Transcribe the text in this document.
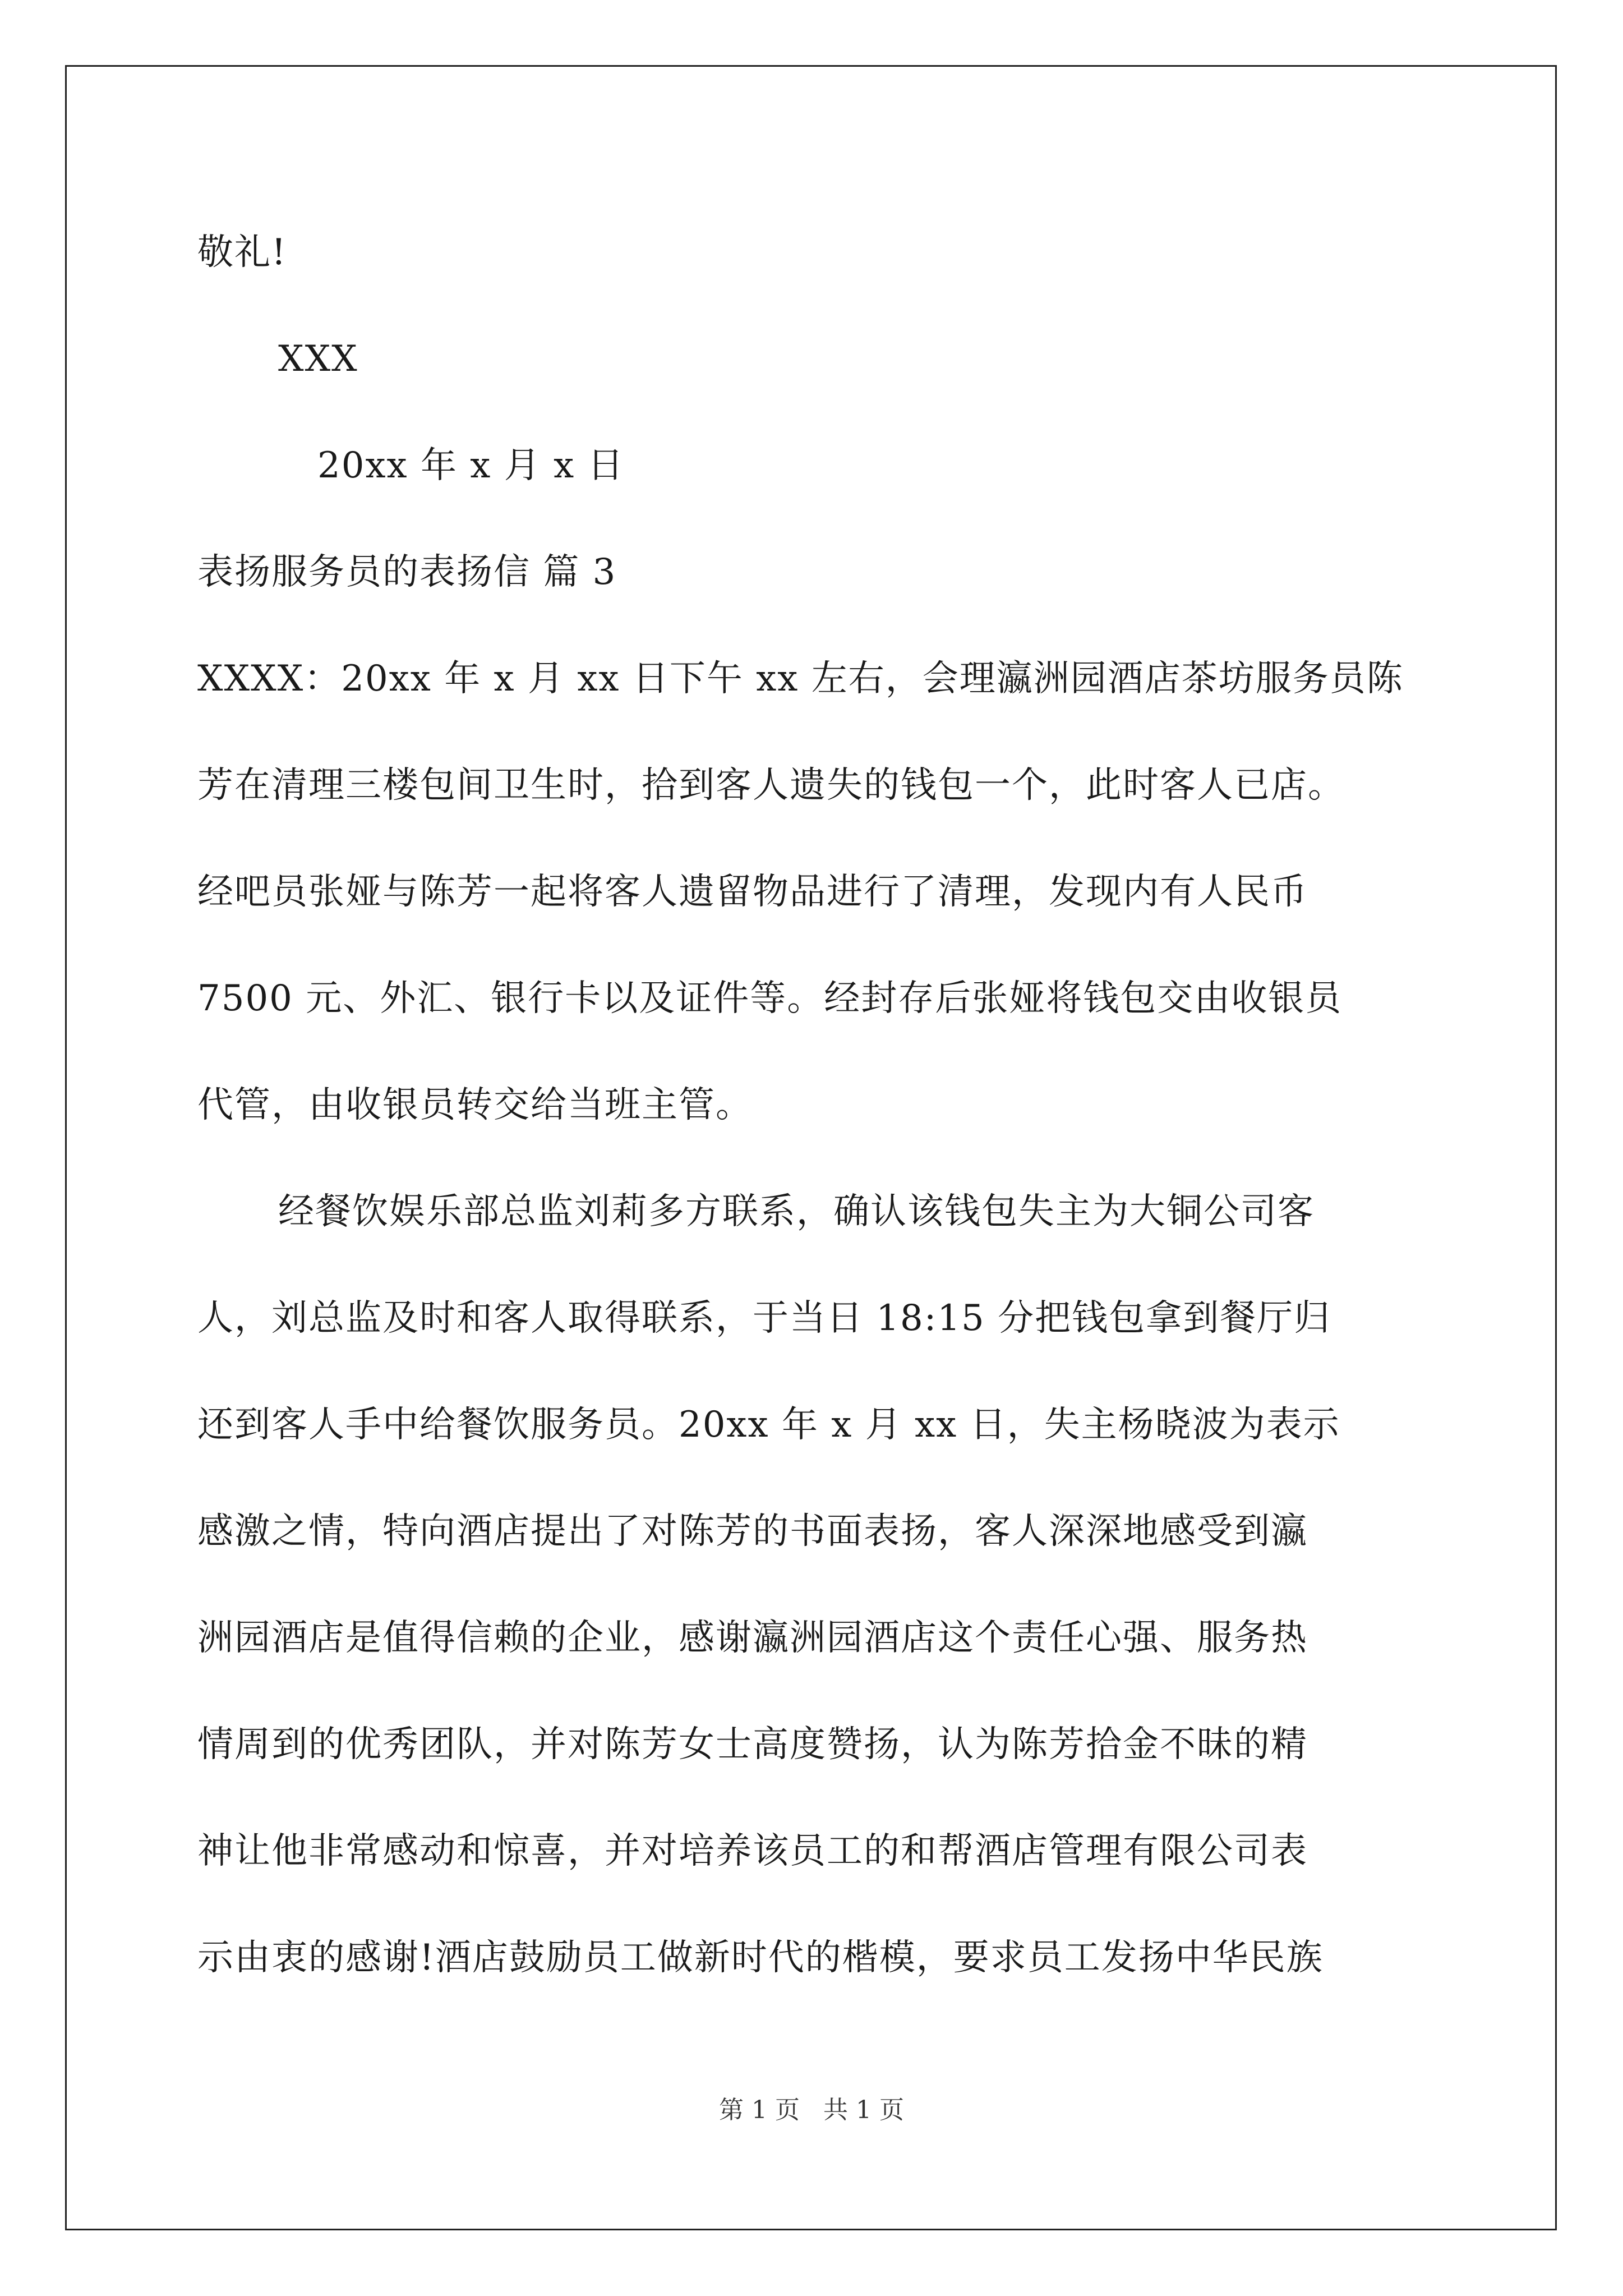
敬礼!
XXX
20xx 年 x 月 x 日
表扬服务员的表扬信 篇 3
XXXX：20xx 年 x 月 xx 日下午 xx 左右，会理瀛洲园酒店茶坊服务员陈
芳在清理三楼包间卫生时，拾到客人遗失的钱包一个，此时客人已店。
经吧员张娅与陈芳一起将客人遗留物品进行了清理，发现内有人民币
7500 元、外汇、银行卡以及证件等。经封存后张娅将钱包交由收银员
代管，由收银员转交给当班主管。
经餐饮娱乐部总监刘莉多方联系，确认该钱包失主为大铜公司客
人，刘总监及时和客人取得联系，于当日 18:15 分把钱包拿到餐厅归
还到客人手中给餐饮服务员。20xx 年 x 月 xx 日，失主杨晓波为表示
感激之情，特向酒店提出了对陈芳的书面表扬，客人深深地感受到瀛
洲园酒店是值得信赖的企业，感谢瀛洲园酒店这个责任心强、服务热
情周到的优秀团队，并对陈芳女士高度赞扬，认为陈芳拾金不昧的精
神让他非常感动和惊喜，并对培养该员工的和帮酒店管理有限公司表
示由衷的感谢!酒店鼓励员工做新时代的楷模，要求员工发扬中华民族
第 1 页 共 1 页
